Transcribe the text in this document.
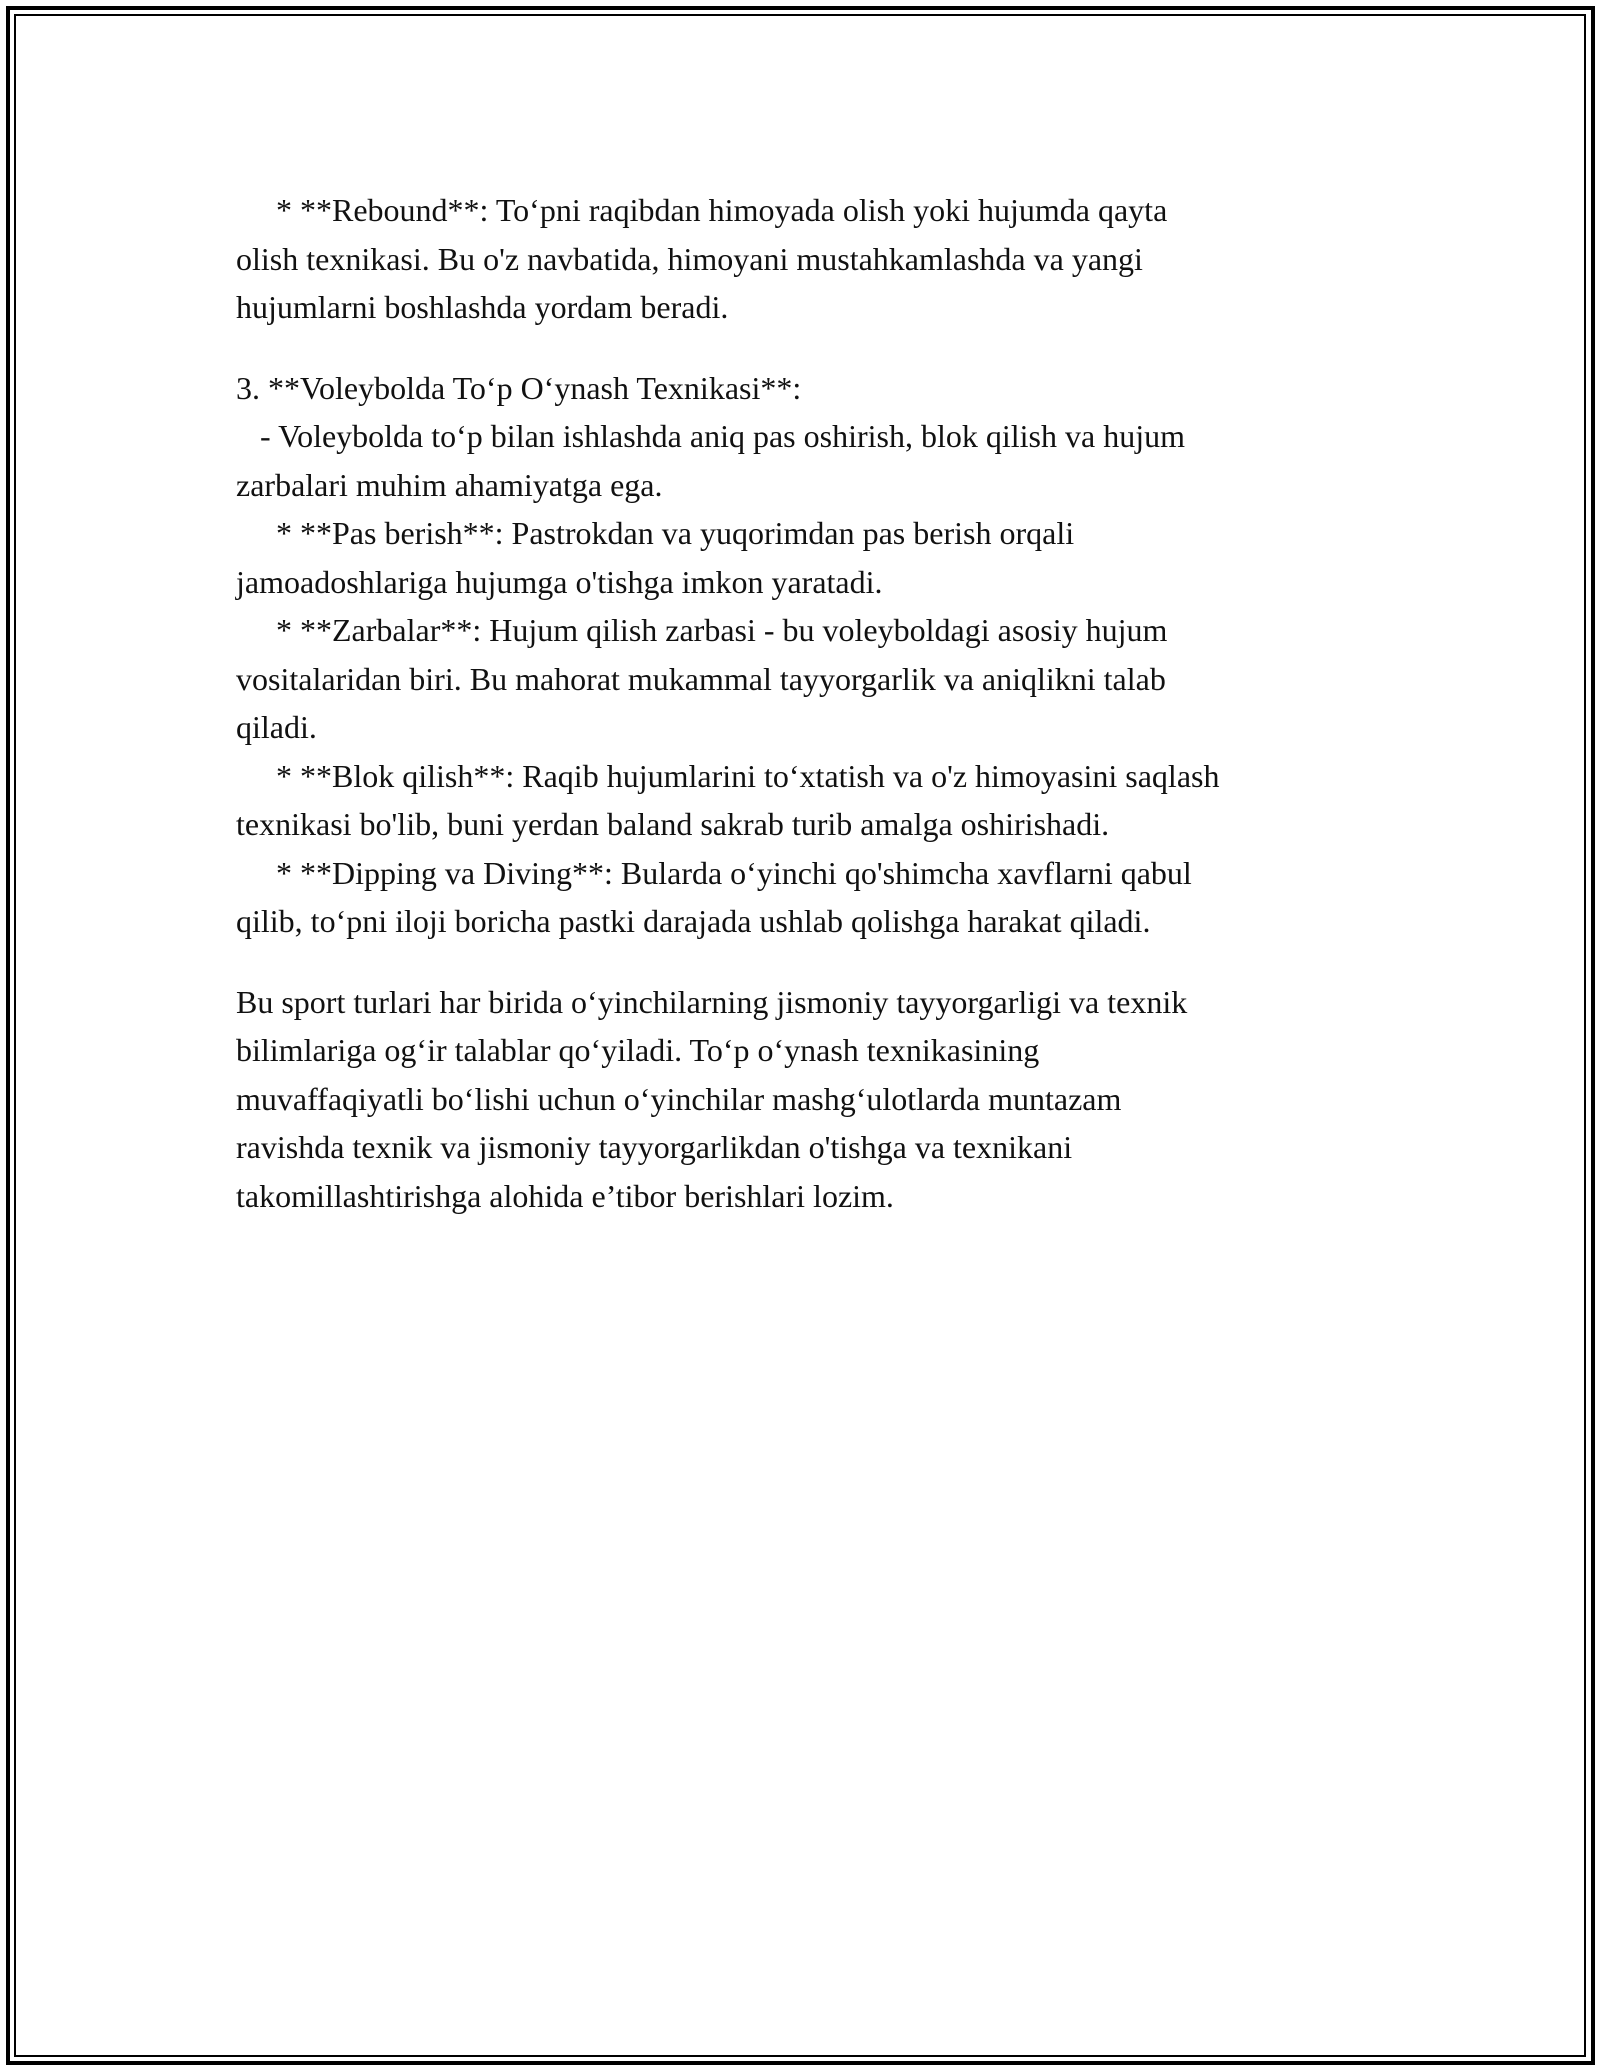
* **Rebound**: To‘pni raqibdan himoyada olish yoki hujumda qayta
olish texnikasi. Bu o'z navbatida, himoyani mustahkamlashda va yangi
hujumlarni boshlashda yordam beradi.
3. **Voleybolda To‘p O‘ynash Texnikasi**:
- Voleybolda to‘p bilan ishlashda aniq pas oshirish, blok qilish va hujum
zarbalari muhim ahamiyatga ega.
* **Pas berish**: Pastrokdan va yuqorimdan pas berish orqali
jamoadoshlariga hujumga o'tishga imkon yaratadi.
* **Zarbalar**: Hujum qilish zarbasi - bu voleyboldagi asosiy hujum
vositalaridan biri. Bu mahorat mukammal tayyorgarlik va aniqlikni talab
qiladi.
* **Blok qilish**: Raqib hujumlarini to‘xtatish va o'z himoyasini saqlash
texnikasi bo'lib, buni yerdan baland sakrab turib amalga oshirishadi.
* **Dipping va Diving**: Bularda o‘yinchi qo'shimcha xavflarni qabul
qilib, to‘pni iloji boricha pastki darajada ushlab qolishga harakat qiladi.
Bu sport turlari har birida o‘yinchilarning jismoniy tayyorgarligi va texnik
bilimlariga og‘ir talablar qo‘yiladi. To‘p o‘ynash texnikasining
muvaffaqiyatli bo‘lishi uchun o‘yinchilar mashg‘ulotlarda muntazam
ravishda texnik va jismoniy tayyorgarlikdan o'tishga va texnikani
takomillashtirishga alohida e’tibor berishlari lozim.
